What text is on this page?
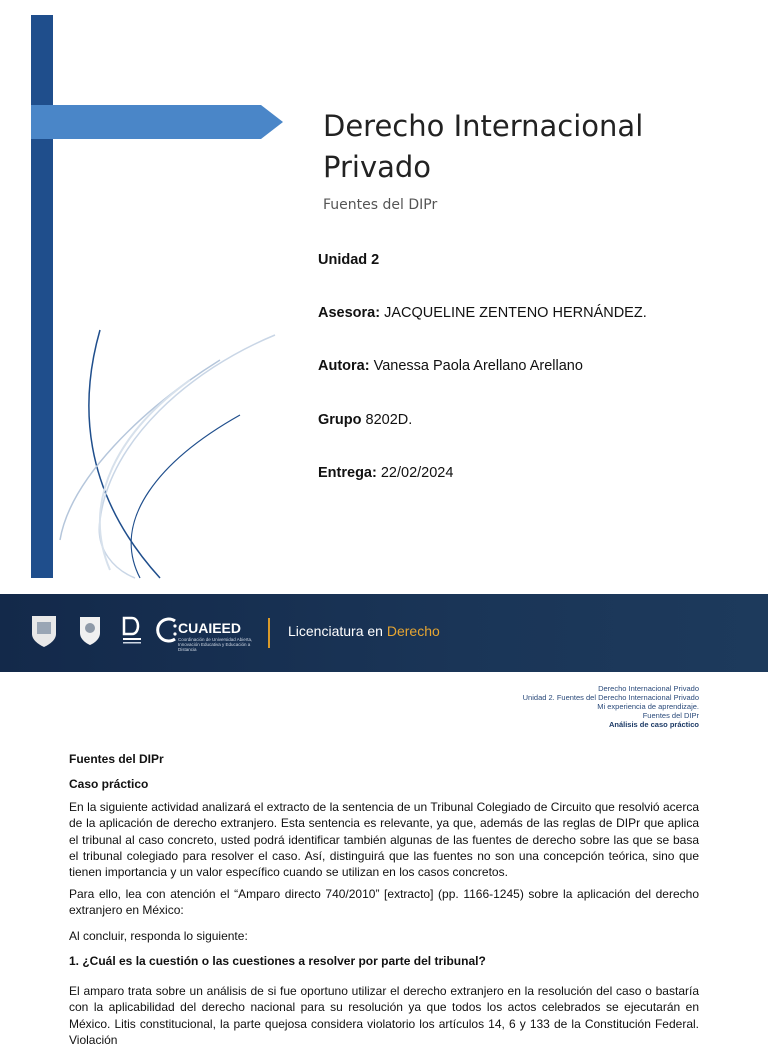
Derecho Internacional
Privado
Fuentes del DIPr
Unidad 2
Asesora: JACQUELINE ZENTENO HERNÁNDEZ.
Autora: Vanessa Paola Arellano Arellano
Grupo 8202D.
Entrega: 22/02/2024
CUAIEED
Coordinación de Universidad Abierta, Innovación Educativa y Educación a Distancia
Licenciatura en Derecho
Derecho Internacional Privado
Unidad 2. Fuentes del Derecho Internacional Privado
Mi experiencia de aprendizaje.
Fuentes del DIPr
Análisis de caso práctico
Fuentes del DIPr
Caso práctico
En la siguiente actividad analizará el extracto de la sentencia de un Tribunal Colegiado de Circuito que resolvió acerca de la aplicación de derecho extranjero. Esta sentencia es relevante, ya que, además de las reglas de DIPr que aplica el tribunal al caso concreto, usted podrá identificar también algunas de las fuentes de derecho sobre las que se basa el tribunal colegiado para resolver el caso. Así, distinguirá que las fuentes no son una concepción teórica, sino que tienen importancia y un valor específico cuando se utilizan en los casos concretos.
Para ello, lea con atención el “Amparo directo 740/2010” [extracto] (pp. 1166-1245) sobre la aplicación del derecho extranjero en México:
Al concluir, responda lo siguiente:
1. ¿Cuál es la cuestión o las cuestiones a resolver por parte del tribunal?
El amparo trata sobre un análisis de si fue oportuno utilizar el derecho extranjero en la resolución del caso o bastaría con la aplicabilidad del derecho nacional para su resolución ya que todos los actos celebrados se ejecutarán en México. Litis constitucional, la parte quejosa considera violatorio los artículos 14, 6 y 133 de la Constitución Federal. Violación
